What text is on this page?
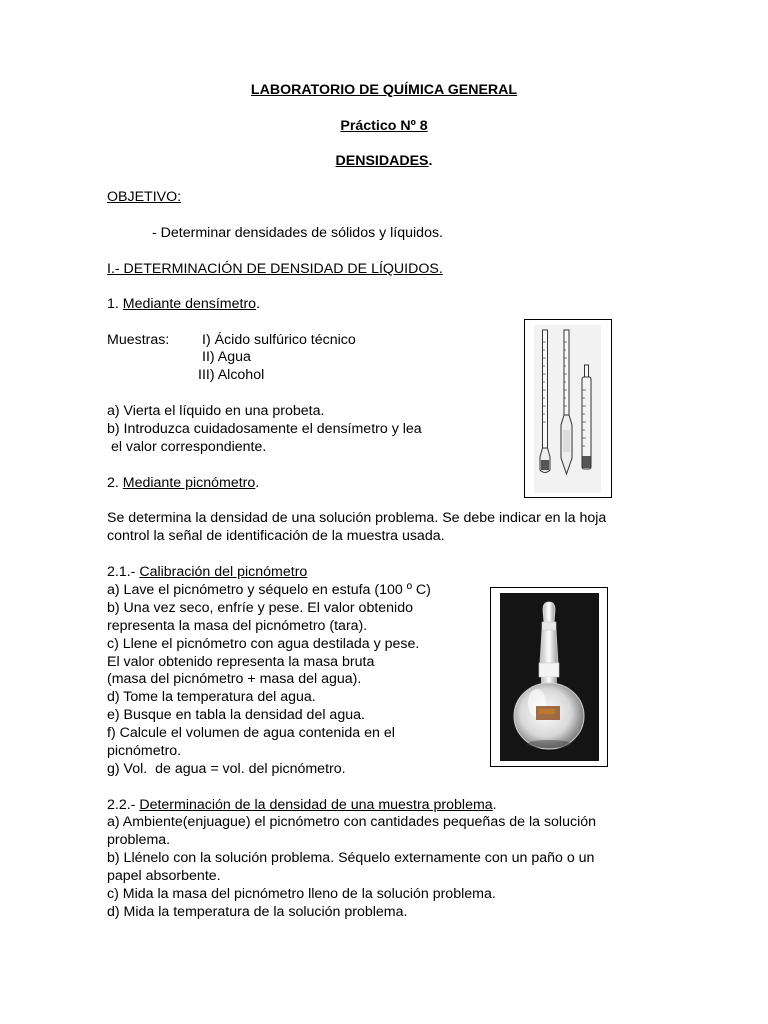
LABORATORIO DE QUÍMICA GENERAL
Práctico Nº 8
DENSIDADES.
OBJETIVO:
- Determinar densidades de sólidos y líquidos.
I.- DETERMINACIÓN DE DENSIDAD DE LÍQUIDOS.
1. Mediante densímetro.
Muestras: I) Ácido sulfúrico técnico
II) Agua
III) Alcohol
a) Vierta el líquido en una probeta.
b) Introduzca cuidadosamente el densímetro y lea
el valor correspondiente.
2. Mediante picnómetro.
Se determina la densidad de una solución problema. Se debe indicar en la hoja
control la señal de identificación de la muestra usada.
2.1.- Calibración del picnómetro
a) Lave el picnómetro y séquelo en estufa (100 º C)
b) Una vez seco, enfríe y pese. El valor obtenido
representa la masa del picnómetro (tara).
c) Llene el picnómetro con agua destilada y pese.
El valor obtenido representa la masa bruta
(masa del picnómetro + masa del agua).
d) Tome la temperatura del agua.
e) Busque en tabla la densidad del agua.
f) Calcule el volumen de agua contenida en el
picnómetro.
g) Vol.  de agua = vol. del picnómetro.
2.2.- Determinación de la densidad de una muestra problema.
a) Ambiente(enjuague) el picnómetro con cantidades pequeñas de la solución
problema.
b) Llénelo con la solución problema. Séquelo externamente con un paño o un
papel absorbente.
c) Mida la masa del picnómetro lleno de la solución problema.
d) Mida la temperatura de la solución problema.
